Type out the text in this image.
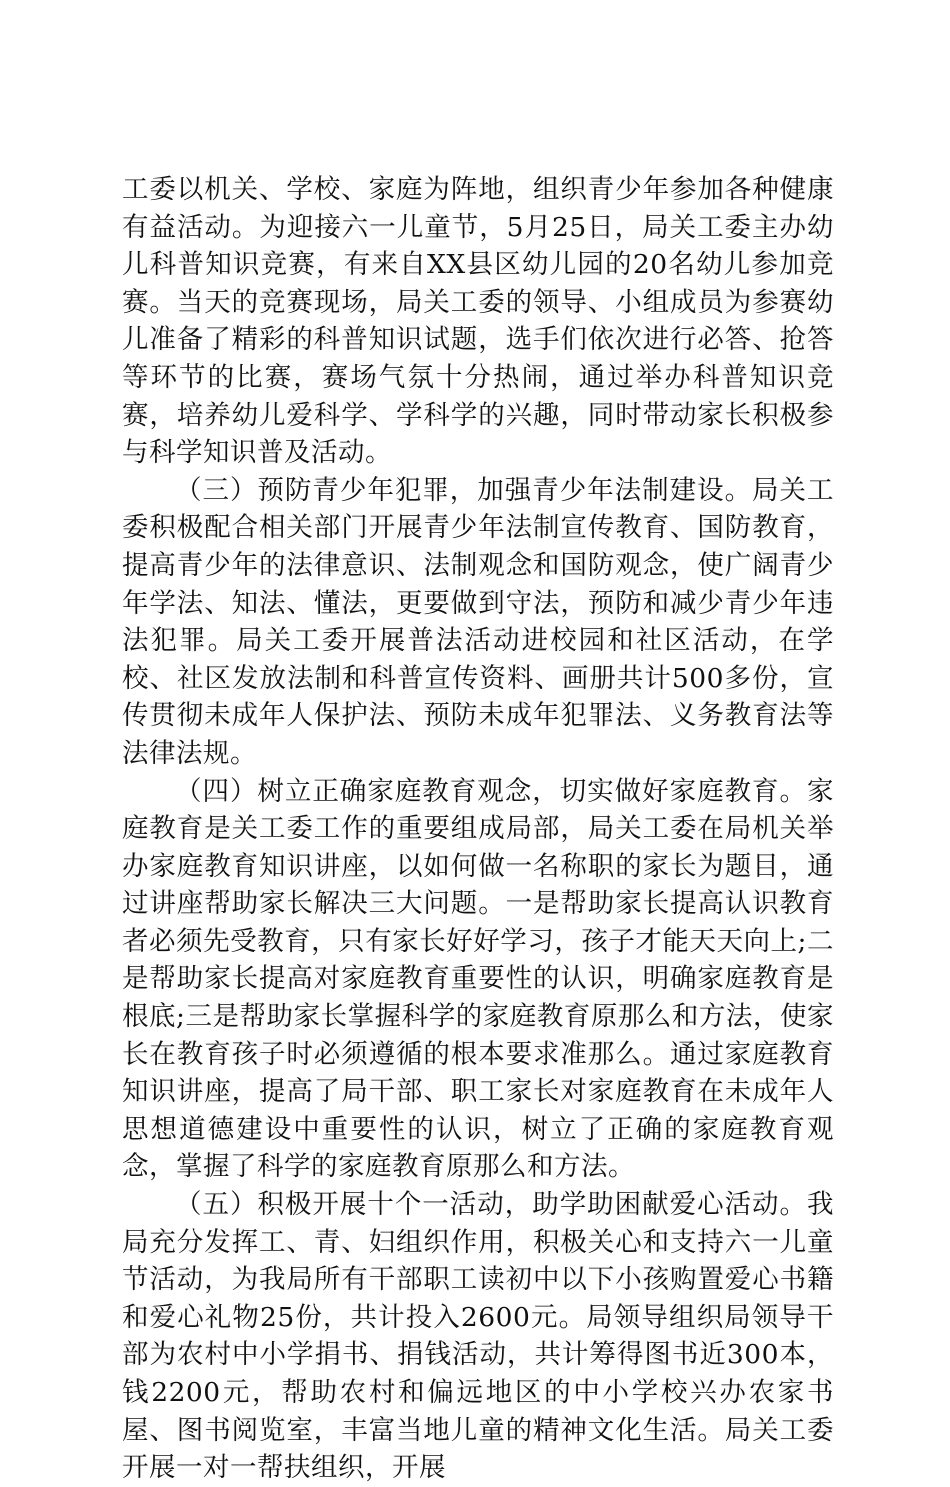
工委以机关、学校、家庭为阵地，组织青少年参加各种健康有益活动。为迎接六一儿童节，5月25日，局关工委主办幼儿科普知识竞赛，有来自XX县区幼儿园的20名幼儿参加竞赛。当天的竞赛现场，局关工委的领导、小组成员为参赛幼儿准备了精彩的科普知识试题，选手们依次进行必答、抢答等环节的比赛，赛场气氛十分热闹，通过举办科普知识竞赛，培养幼儿爱科学、学科学的兴趣，同时带动家长积极参与科学知识普及活动。

（三）预防青少年犯罪，加强青少年法制建设。局关工委积极配合相关部门开展青少年法制宣传教育、国防教育，提高青少年的法律意识、法制观念和国防观念，使广阔青少年学法、知法、懂法，更要做到守法，预防和减少青少年违法犯罪。局关工委开展普法活动进校园和社区活动，在学校、社区发放法制和科普宣传资料、画册共计500多份，宣传贯彻未成年人保护法、预防未成年犯罪法、义务教育法等法律法规。

（四）树立正确家庭教育观念，切实做好家庭教育。家庭教育是关工委工作的重要组成局部，局关工委在局机关举办家庭教育知识讲座，以如何做一名称职的家长为题目，通过讲座帮助家长解决三大问题。一是帮助家长提高认识教育者必须先受教育，只有家长好好学习，孩子才能天天向上;二是帮助家长提高对家庭教育重要性的认识，明确家庭教育是根底;三是帮助家长掌握科学的家庭教育原那么和方法，使家长在教育孩子时必须遵循的根本要求准那么。通过家庭教育知识讲座，提高了局干部、职工家长对家庭教育在未成年人思想道德建设中重要性的认识，树立了正确的家庭教育观念，掌握了科学的家庭教育原那么和方法。

（五）积极开展十个一活动，助学助困献爱心活动。我局充分发挥工、青、妇组织作用，积极关心和支持六一儿童节活动，为我局所有干部职工读初中以下小孩购置爱心书籍和爱心礼物25份，共计投入2600元。局领导组织局领导干部为农村中小学捐书、捐钱活动，共计筹得图书近300本，钱2200元，帮助农村和偏远地区的中小学校兴办农家书屋、图书阅览室，丰富当地儿童的精神文化生活。局关工委开展一对一帮扶组织，开展
